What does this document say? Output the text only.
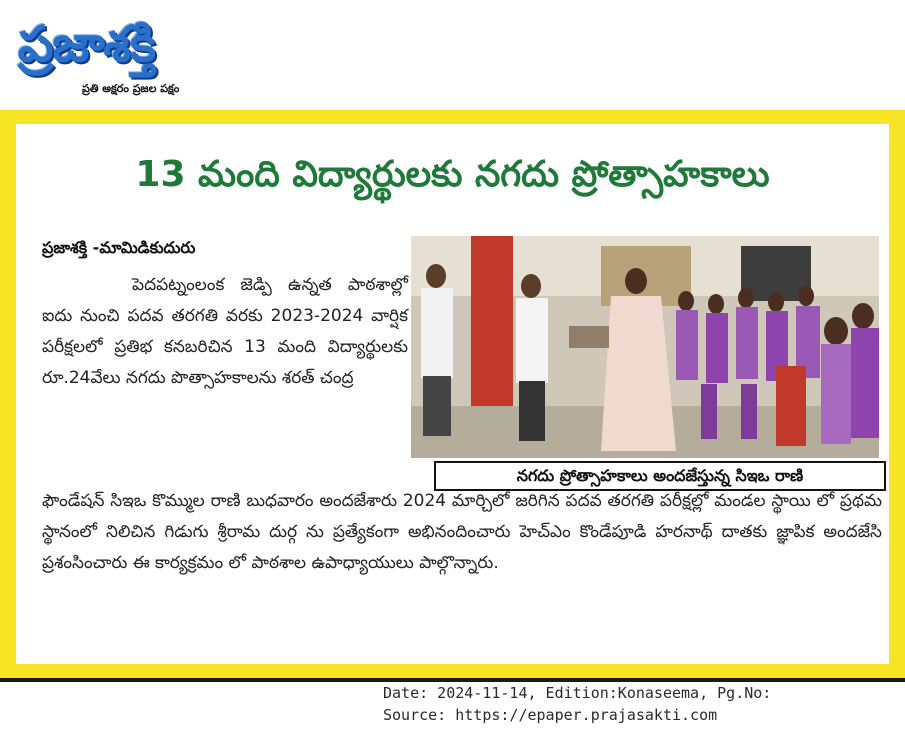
ప్రజాశక్తి
ప్రతి అక్షరం ప్రజల పక్షం
13 మంది విద్యార్థులకు నగదు ప్రోత్సాహకాలు
ప్రజాశక్తి -మామిడికుదురు

పెదపట్నంలంక జెడ్పి ఉన్నత పాఠశాల్లో ఐదు నుంచి పదవ తరగతి వరకు 2023-2024 వార్షిక పరీక్షలలో ప్రతిభ కనబరిచిన 13 మంది విద్యార్థులకు రూ.24వేలు నగదు పొత్సాహకాలను శరత్ చంద్ర

నగదు ప్రోత్సాహకాలు అందజేస్తున్న సిఇఒ రాణి
ఫౌండేషన్ సిఇఒ కొమ్ముల రాణి బుధవారం అందజేశారు 2024 మార్చిలో జరిగిన పదవ తరగతి పరీక్షల్లో మండల స్థాయి లో ప్రథమ స్థానంలో నిలిచిన గిడుగు శ్రీరామ దుర్గ ను ప్రత్యేకంగా అభినందించారు హెచ్ఎం కొండేపూడి హరనాథ్ దాతకు జ్ఞాపిక అందజేసి ప్రశంసించారు ఈ కార్యక్రమం లో పాఠశాల ఉపాధ్యాయులు పాల్గొన్నారు.
Date: 2024-11-14, Edition:Konaseema, Pg.No:
Source: https://epaper.prajasakti.com
